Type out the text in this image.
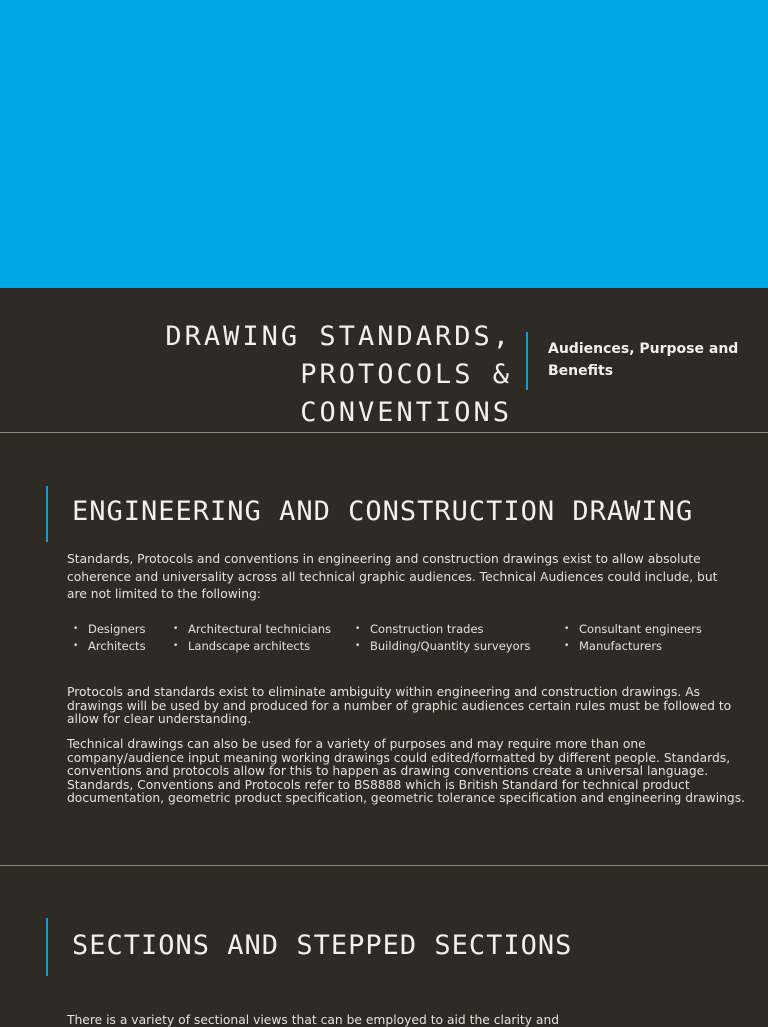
DRAWING STANDARDS, PROTOCOLS &
CONVENTIONS
Audiences, Purpose and Benefits
ENGINEERING AND CONSTRUCTION DRAWING
Standards, Protocols and conventions in engineering and construction drawings exist to allow absolute coherence and universality across all technical graphic audiences. Technical Audiences could include, but are not limited to the following:
• Designers
• Architects
• Architectural technicians
• Landscape architects
• Construction trades
• Building/Quantity surveyors
• Consultant engineers
• Manufacturers
Protocols and standards exist to eliminate ambiguity within engineering and construction drawings. As drawings will be used by and produced for a number of graphic audiences certain rules must be followed to allow for clear understanding.
Technical drawings can also be used for a variety of purposes and may require more than one company/audience input meaning working drawings could edited/formatted by different people. Standards, conventions and protocols allow for this to happen as drawing conventions create a universal language. Standards, Conventions and Protocols refer to BS8888 which is British Standard for technical product documentation, geometric product specification, geometric tolerance specification and engineering drawings.
SECTIONS AND STEPPED SECTIONS
There is a variety of sectional views that can be employed to aid the clarity and
